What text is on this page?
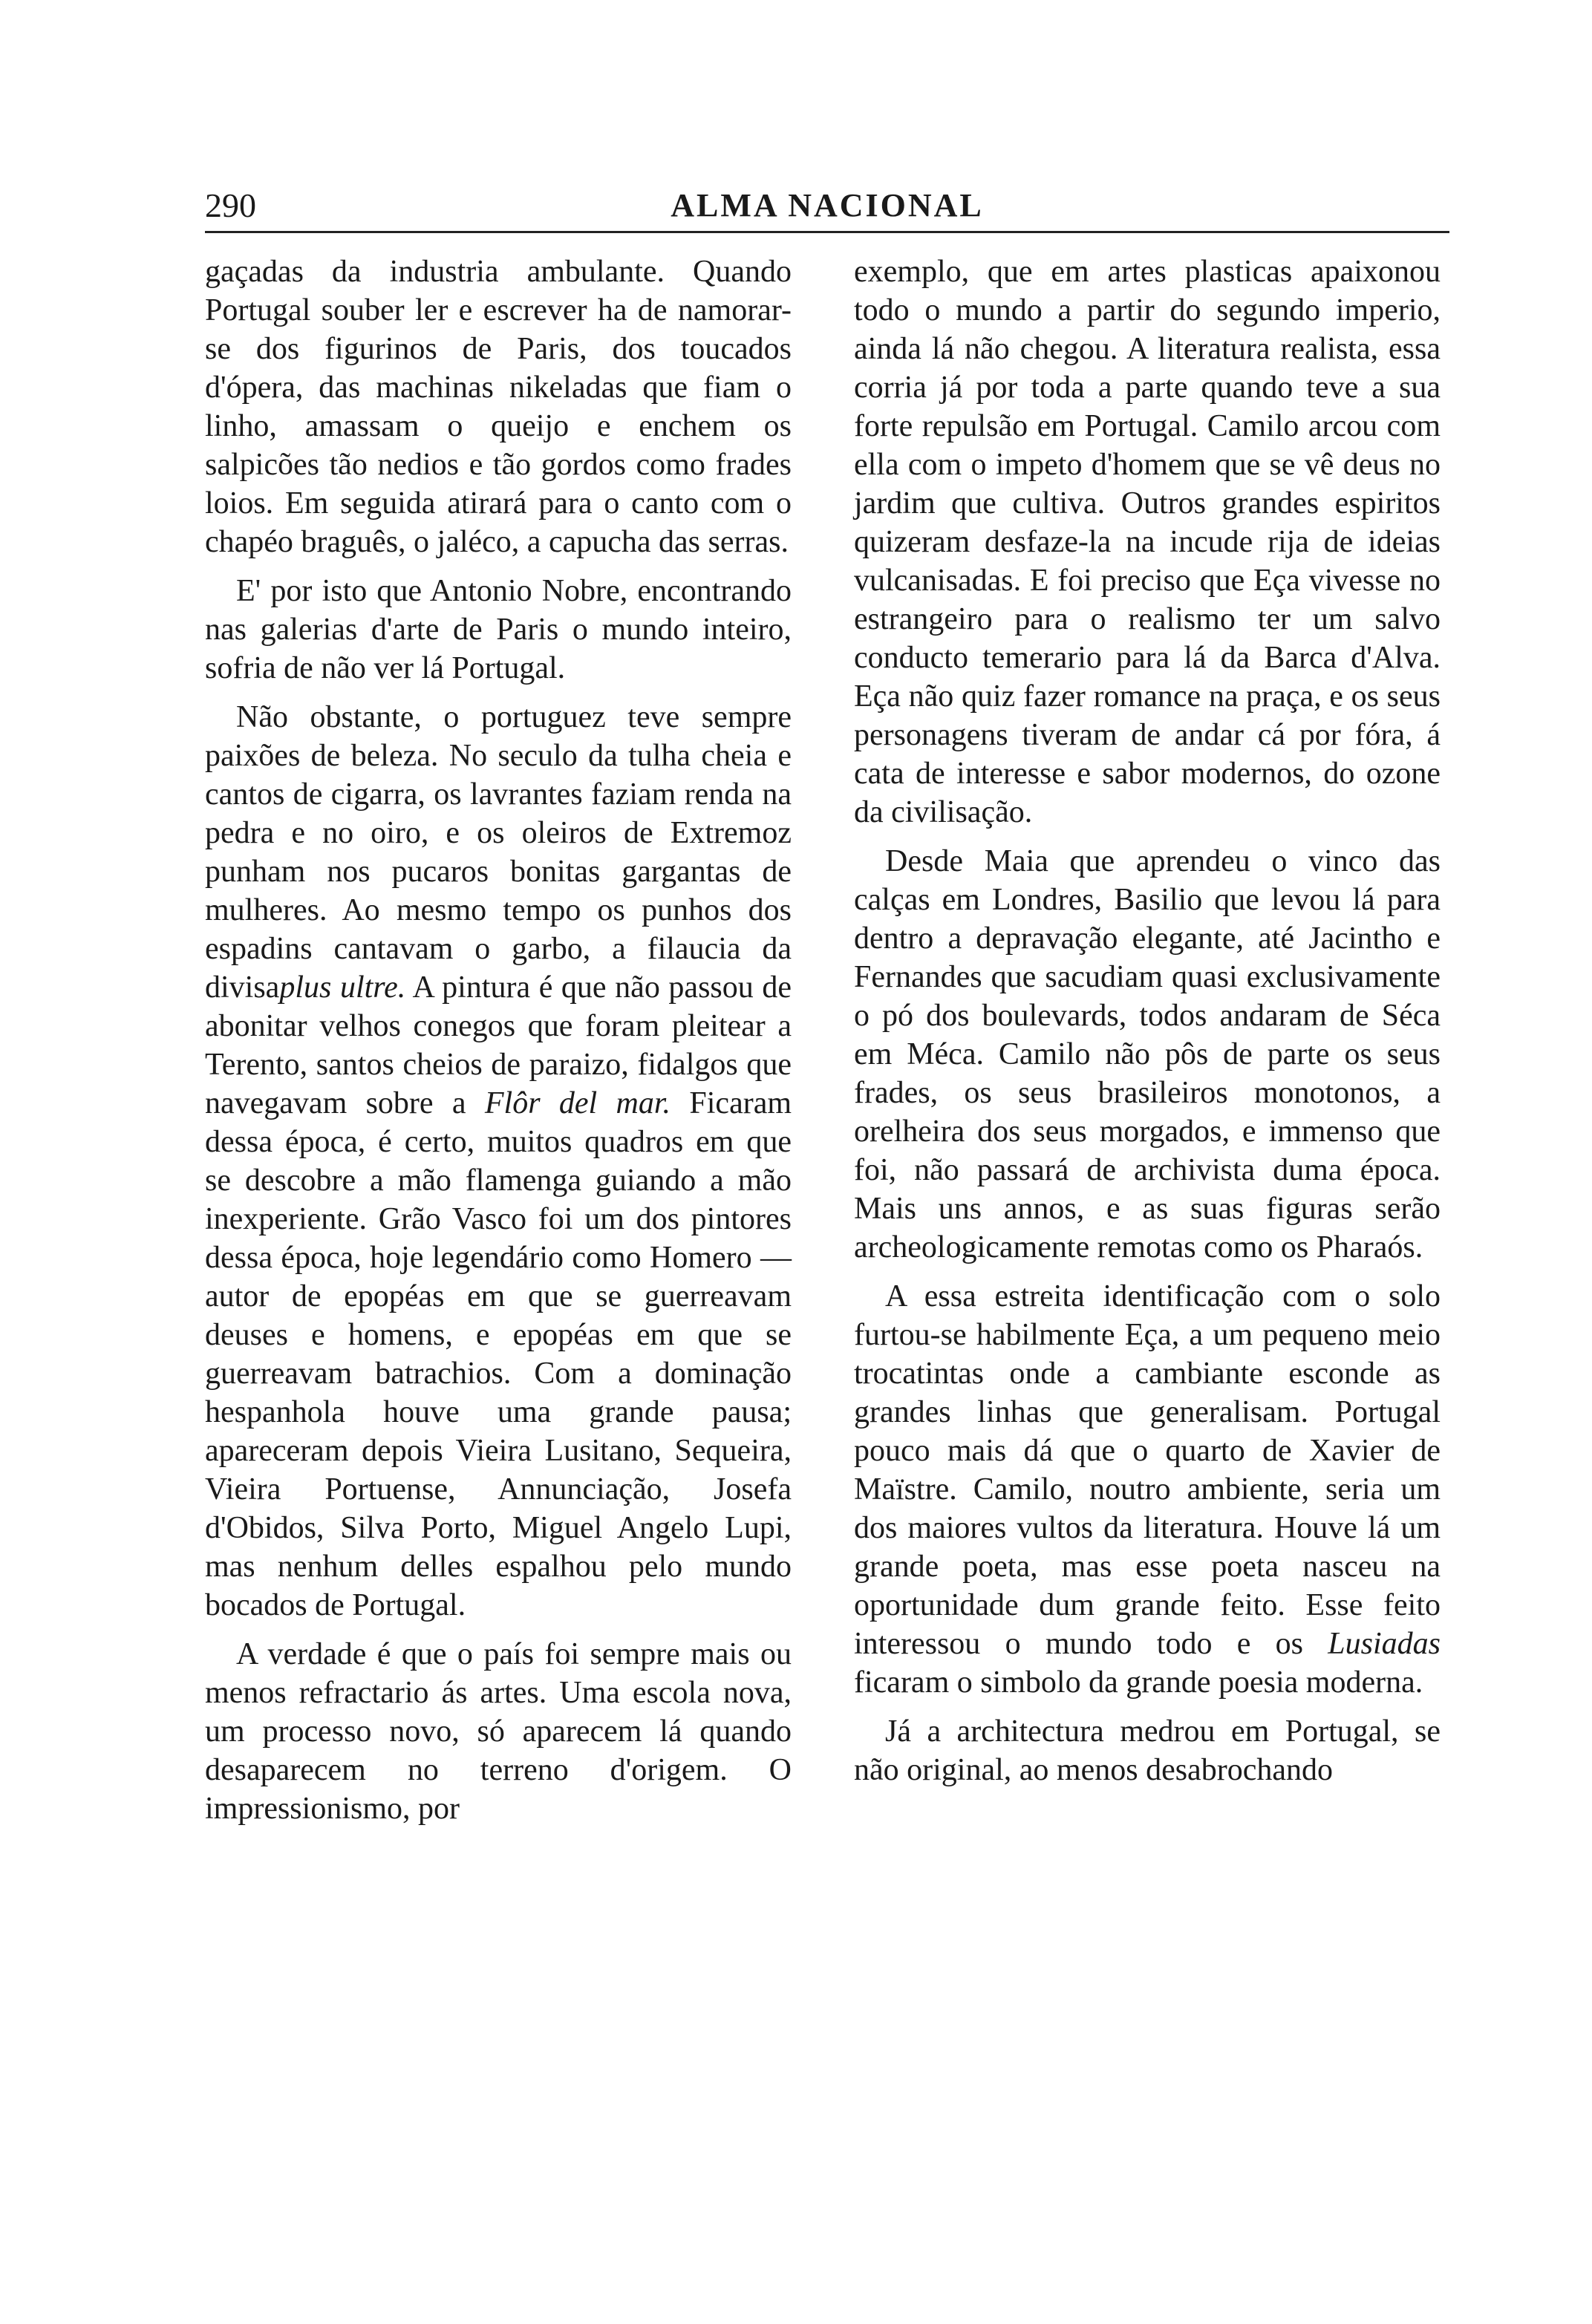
290	ALMA NACIONAL

gaçadas da industria ambulante. Quando Portugal souber ler e escrever ha de namorar-se dos figurinos de Paris, dos toucados d'ópera, das machinas nikeladas que fiam o linho, amassam o queijo e enchem os salpicões tão nedios e tão gordos como frades loios. Em seguida atirará para o canto com o chapéo braguês, o jaléco, a capucha das serras.

E' por isto que Antonio Nobre, encontrando nas galerias d'arte de Paris o mundo inteiro, sofria de não ver lá Portugal.

Não obstante, o portuguez teve sempre paixões de beleza. No seculo da tulha cheia e cantos de cigarra, os lavrantes faziam renda na pedra e no oiro, e os oleiros de Extremoz punham nos pucaros bonitas gargantas de mulheres. Ao mesmo tempo os punhos dos espadins cantavam o garbo, a filaucia da divisaplus ultre. A pintura é que não passou de abonitar velhos conegos que foram pleitear a Terento, santos cheios de paraizo, fidalgos que navegavam sobre a Flôr del mar. Ficaram dessa época, é certo, muitos quadros em que se descobre a mão flamenga guiando a mão inexperiente. Grão Vasco foi um dos pintores dessa época, hoje legendário como Homero — autor de epopéas em que se guerreavam deuses e homens, e epopéas em que se guerreavam batrachios. Com a dominação hespanhola houve uma grande pausa; apareceram depois Vieira Lusitano, Sequeira, Vieira Portuense, Annunciação, Josefa d'Obidos, Silva Porto, Miguel Angelo Lupi, mas nenhum delles espalhou pelo mundo bocados de Portugal.

A verdade é que o país foi sempre mais ou menos refractario ás artes. Uma escola nova, um processo novo, só aparecem lá quando desaparecem no terreno d'origem. O impressionismo, por

exemplo, que em artes plasticas apaixonou todo o mundo a partir do segundo imperio, ainda lá não chegou. A literatura realista, essa corria já por toda a parte quando teve a sua forte repulsão em Portugal. Camilo arcou com ella com o impeto d'homem que se vê deus no jardim que cultiva. Outros grandes espiritos quizeram desfaze-la na incude rija de ideias vulcanisadas. E foi preciso que Eça vivesse no estrangeiro para o realismo ter um salvo conducto temerario para lá da Barca d'Alva. Eça não quiz fazer romance na praça, e os seus personagens tiveram de andar cá por fóra, á cata de interesse e sabor modernos, do ozone da civilisação.

Desde Maia que aprendeu o vinco das calças em Londres, Basilio que levou lá para dentro a depravação elegante, até Jacintho e Fernandes que sacudiam quasi exclusivamente o pó dos boulevards, todos andaram de Séca em Méca. Camilo não pôs de parte os seus frades, os seus brasileiros monotonos, a orelheira dos seus morgados, e immenso que foi, não passará de archivista duma época. Mais uns annos, e as suas figuras serão archeologicamente remotas como os Pharaós.

A essa estreita identificação com o solo furtou-se habilmente Eça, a um pequeno meio trocatintas onde a cambiante esconde as grandes linhas que generalisam. Portugal pouco mais dá que o quarto de Xavier de Maïstre. Camilo, noutro ambiente, seria um dos maiores vultos da literatura. Houve lá um grande poeta, mas esse poeta nasceu na oportunidade dum grande feito. Esse feito interessou o mundo todo e os Lusiadas ficaram o simbolo da grande poesia moderna.

Já a architectura medrou em Portugal, se não original, ao menos desabrochando
